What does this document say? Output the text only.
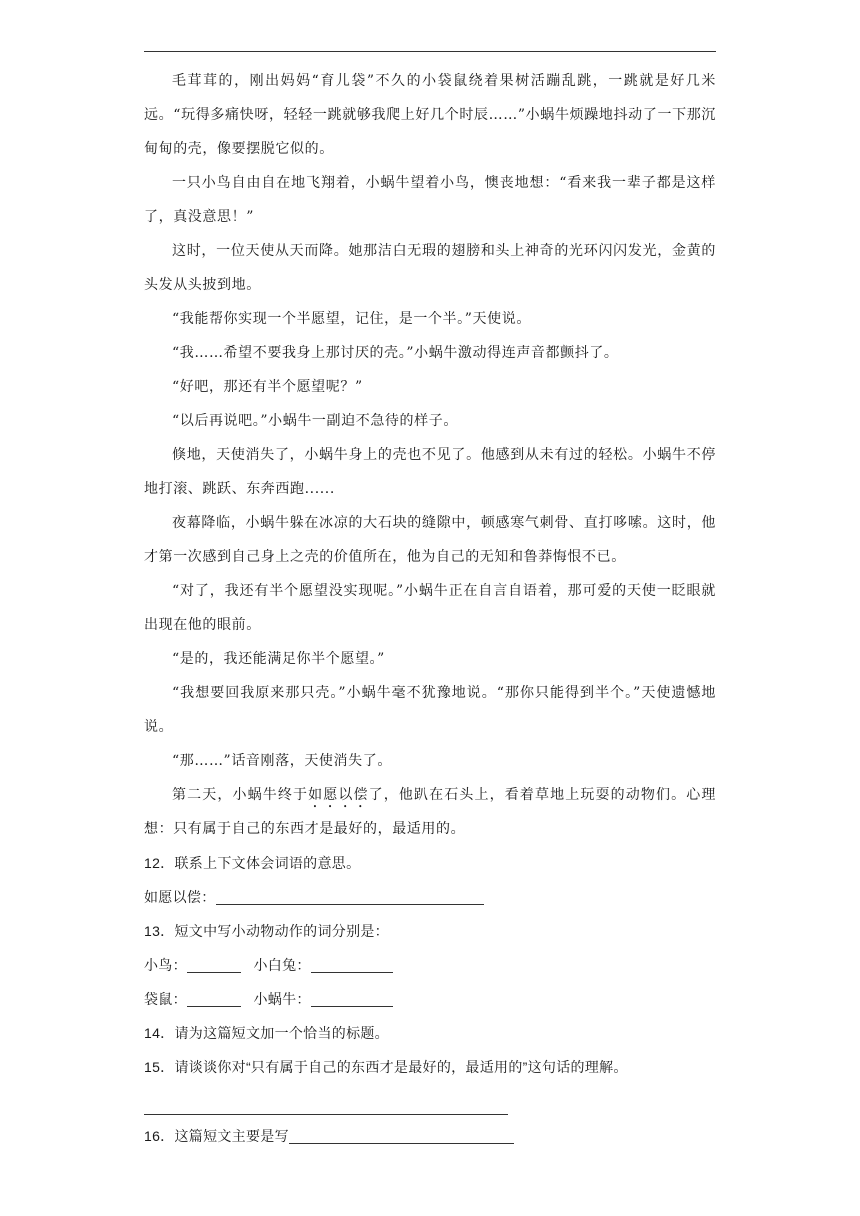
毛茸茸的，刚出妈妈“育儿袋”不久的小袋鼠绕着果树活蹦乱跳，一跳就是好几米远。“玩得多痛快呀，轻轻一跳就够我爬上好几个时辰……”小蜗牛烦躁地抖动了一下那沉甸甸的壳，像要摆脱它似的。

一只小鸟自由自在地飞翔着，小蜗牛望着小鸟，懊丧地想：“看来我一辈子都是这样了，真没意思！”

这时，一位天使从天而降。她那洁白无瑕的翅膀和头上神奇的光环闪闪发光，金黄的头发从头披到地。

“我能帮你实现一个半愿望，记住，是一个半。”天使说。

“我……希望不要我身上那讨厌的壳。”小蜗牛激动得连声音都颤抖了。

“好吧，那还有半个愿望呢？”

“以后再说吧。”小蜗牛一副迫不急待的样子。

倏地，天使消失了，小蜗牛身上的壳也不见了。他感到从未有过的轻松。小蜗牛不停地打滚、跳跃、东奔西跑......

夜幕降临，小蜗牛躲在冰凉的大石块的缝隙中，顿感寒气刺骨、直打哆嗦。这时，他才第一次感到自己身上之壳的价值所在，他为自己的无知和鲁莽悔恨不已。

“对了，我还有半个愿望没实现呢。”小蜗牛正在自言自语着，那可爱的天使一眨眼就出现在他的眼前。

“是的，我还能满足你半个愿望。”

“我想要回我原来那只壳。”小蜗牛毫不犹豫地说。“那你只能得到半个。”天使遗憾地说。

“那……”话音刚落，天使消失了。

第二天，小蜗牛终于如愿以偿了，他趴在石头上，看着草地上玩耍的动物们。心理想：只有属于自己的东西才是最好的，最适用的。

12．联系上下文体会词语的意思。

如愿以偿：

13．短文中写小动物动作的词分别是：

小鸟：	小白兔：

袋鼠：	小蜗牛：

14．请为这篇短文加一个恰当的标题。

15．请谈谈你对“只有属于自己的东西才是最好的，最适用的”这句话的理解。

16．这篇短文主要是写
